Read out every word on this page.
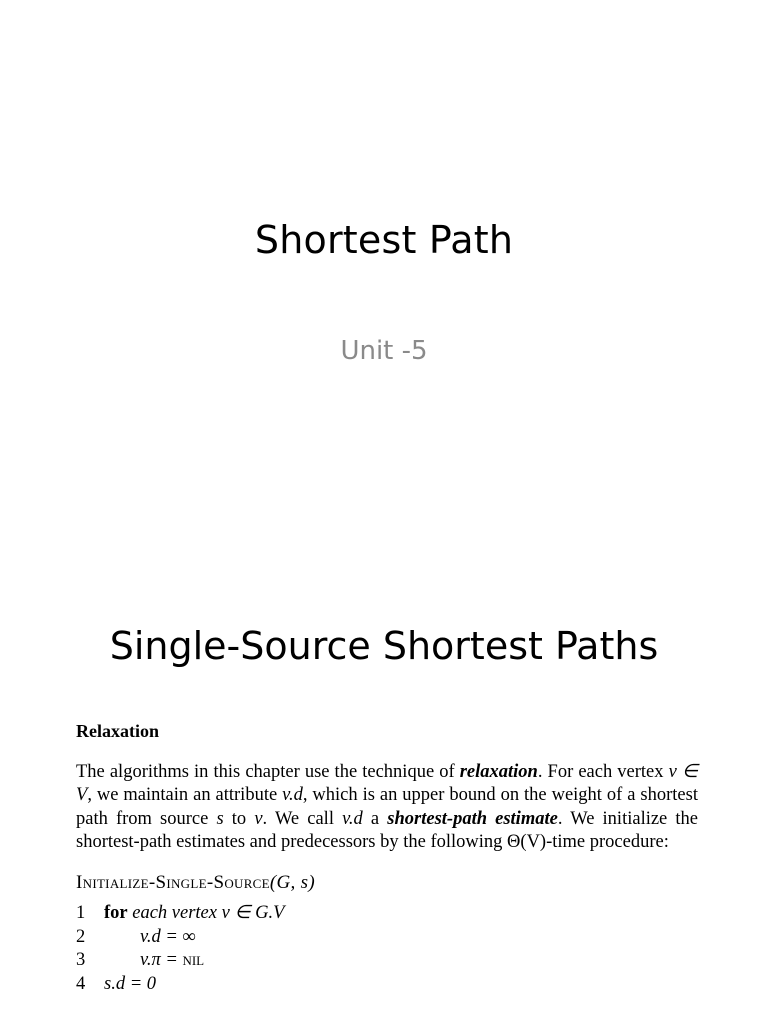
Shortest Path
Unit -5
Single-Source Shortest Paths
Relaxation

The algorithms in this chapter use the technique of relaxation. For each vertex v ∈ V, we maintain an attribute v.d, which is an upper bound on the weight of a shortest path from source s to v. We call v.d a shortest-path estimate. We initialize the shortest-path estimates and predecessors by the following Θ(V)-time procedure:

Initialize-Single-Source(G, s)
1	for each vertex v ∈ G.V
2	v.d = ∞
3	v.π = nil
4	s.d = 0
